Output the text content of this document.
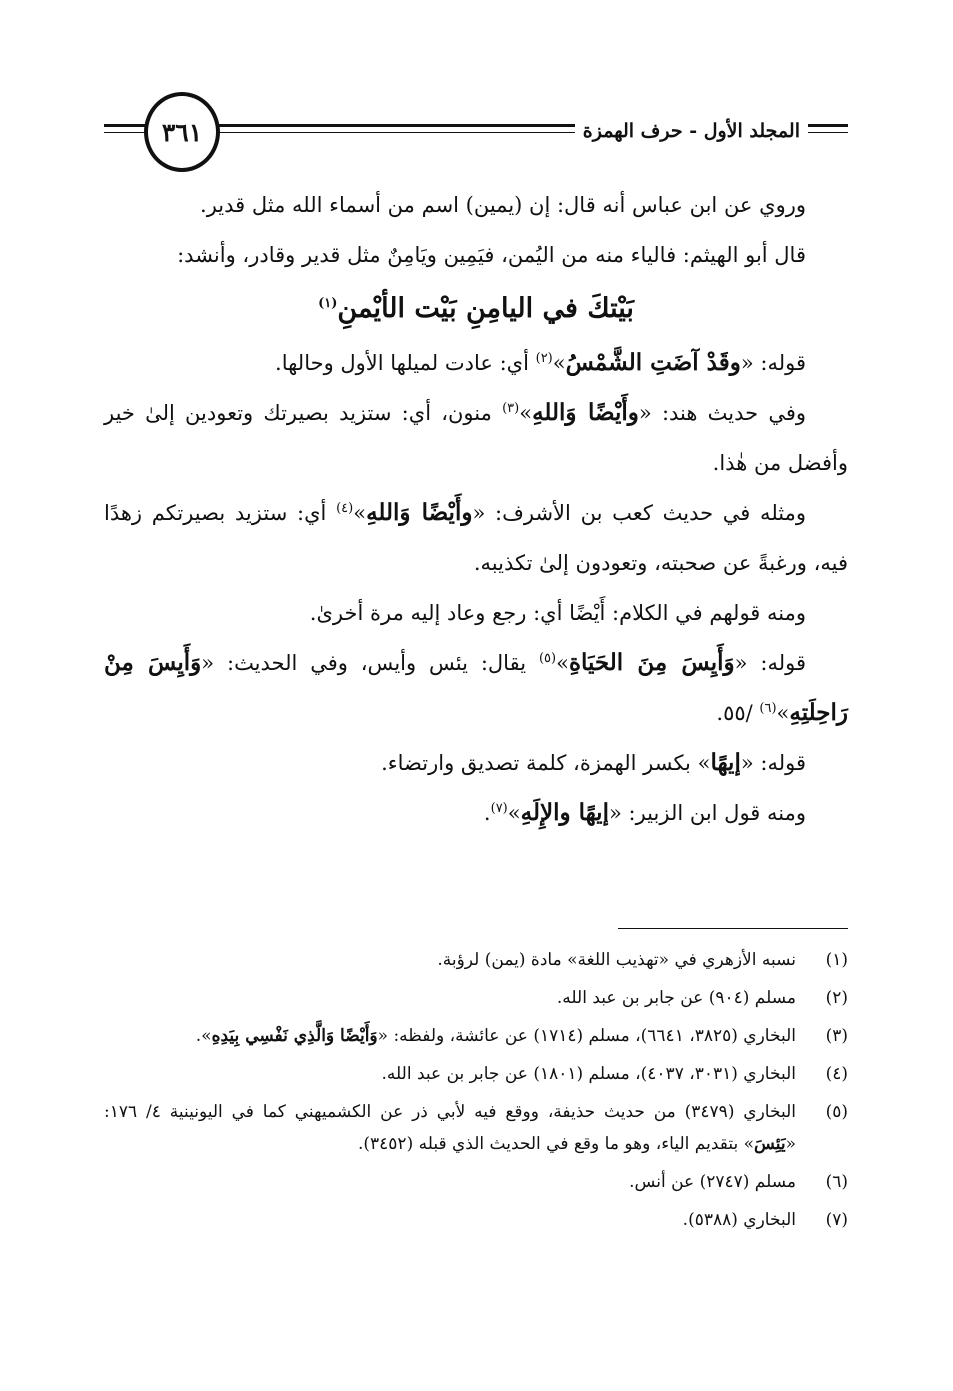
المجلد الأول - حرف الهمزة
٣٦١

وروي عن ابن عباس أنه قال: إن (يمين) اسم من أسماء الله مثل قدير.

قال أبو الهيثم: فالياء منه من اليُمن، فيَمِين ويَامِنٌ مثل قدير وقادر، وأنشد:

بَيْتكَ في اليامِنِ بَيْت الأيْمنِ$^{(١)}$

قوله: «وقَدْ آضَتِ الشَّمْسُ»$^{(٢)}$ أي: عادت لميلها الأول وحالها.

وفي حديث هند: «وأَيْضًا وَاللهِ»$^{(٣)}$ منون، أي: ستزيد بصيرتك وتعودين إلىٰ خير وأفضل من هٰذا.

ومثله في حديث كعب بن الأشرف: «وأَيْضًا وَاللهِ»$^{(٤)}$ أي: ستزيد بصيرتكم زهدًا فيه، ورغبةً عن صحبته، وتعودون إلىٰ تكذيبه.

ومنه قولهم في الكلام: أَيْضًا أي: رجع وعاد إليه مرة أخرىٰ.

قوله: «وَأَيِسَ مِنَ الحَيَاةِ»$^{(٥)}$ يقال: يئس وأيس، وفي الحديث: «وَأَيِسَ مِنْ رَاحِلَتِهِ»$^{(٦)}$ /٥٥.

قوله: «إيهًا» بكسر الهمزة، كلمة تصديق وارتضاء.

ومنه قول ابن الزبير: «إيهًا والإِلَهِ»$^{(٧)}$.

(١)
نسبه الأزهري في «تهذيب اللغة» مادة (يمن) لرؤبة.
(٢)
مسلم (٩٠٤) عن جابر بن عبد الله.
(٣)
البخاري (٣٨٢٥، ٦٦٤١)، مسلم (١٧١٤) عن عائشة، ولفظه: «وَأَيْضًا وَالَّذِي نَفْسِي بِيَدِهِ».
(٤)
البخاري (٣٠٣١، ٤٠٣٧)، مسلم (١٨٠١) عن جابر بن عبد الله.
(٥)
البخاري (٣٤٧٩) من حديث حذيفة، ووقع فيه لأبي ذر عن الكشميهني كما في اليونينية ٤/ ١٧٦: «يَئِسَ» بتقديم الياء، وهو ما وقع في الحديث الذي قبله (٣٤٥٢).
(٦)
مسلم (٢٧٤٧) عن أنس.
(٧)
البخاري (٥٣٨٨).
